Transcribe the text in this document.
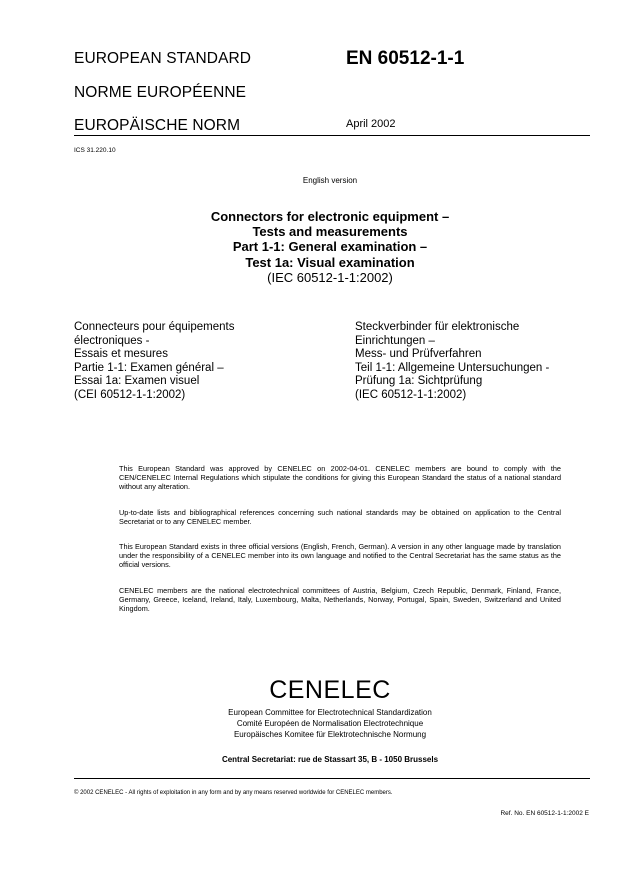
EUROPEAN STANDARD	EN 60512-1-1
NORME EUROPÉENNE
EUROPÄISCHE NORM	April 2002
ICS 31.220.10
English version
Connectors for electronic equipment –
Tests and measurements
Part 1-1: General examination –
Test 1a: Visual examination
(IEC 60512-1-1:2002)
Connecteurs pour équipements
électroniques -
Essais et mesures
Partie 1-1: Examen général –
Essai 1a: Examen visuel
(CEI 60512-1-1:2002)
Steckverbinder für elektronische
Einrichtungen –
Mess- und Prüfverfahren
Teil 1-1: Allgemeine Untersuchungen -
Prüfung 1a: Sichtprüfung
(IEC 60512-1-1:2002)

This European Standard was approved by CENELEC on 2002-04-01. CENELEC members are bound to comply with the CEN/CENELEC Internal Regulations which stipulate the conditions for giving this European Standard the status of a national standard without any alteration.

Up-to-date lists and bibliographical references concerning such national standards may be obtained on application to the Central Secretariat or to any CENELEC member.

This European Standard exists in three official versions (English, French, German). A version in any other language made by translation under the responsibility of a CENELEC member into its own language and notified to the Central Secretariat has the same status as the official versions.

CENELEC members are the national electrotechnical committees of Austria, Belgium, Czech Republic, Denmark, Finland, France, Germany, Greece, Iceland, Ireland, Italy, Luxembourg, Malta, Netherlands, Norway, Portugal, Spain, Sweden, Switzerland and United Kingdom.

CENELEC
European Committee for Electrotechnical Standardization
Comité Européen de Normalisation Electrotechnique
Europäisches Komitee für Elektrotechnische Normung
Central Secretariat: rue de Stassart 35, B - 1050 Brussels
© 2002 CENELEC - All rights of exploitation in any form and by any means reserved worldwide for CENELEC members.
Ref. No. EN 60512-1-1:2002 E
